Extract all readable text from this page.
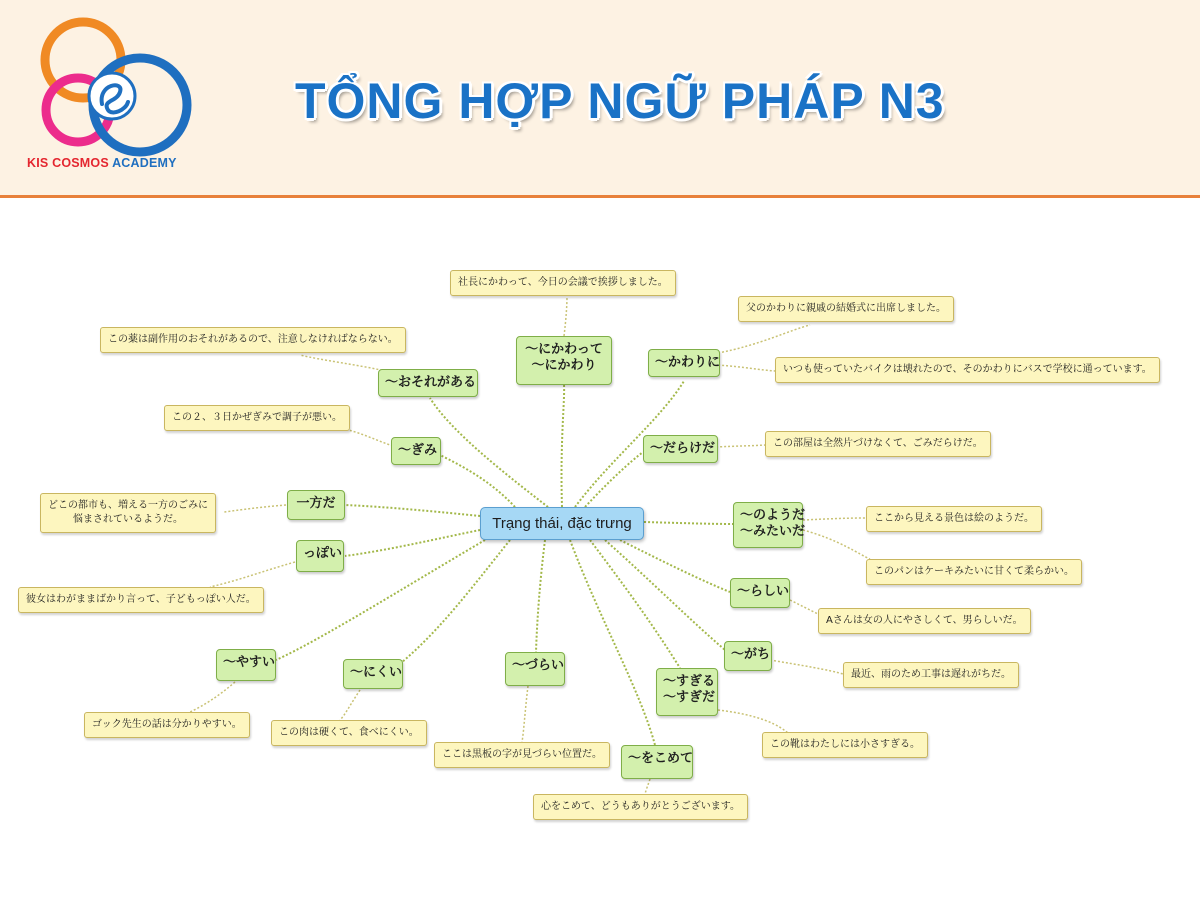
KIS COSMOS ACADEMY
TỔNG HỢP NGỮ PHÁP N3
〜にかわって
〜にかわり	〜かわりに
〜おそれがある
〜ぎみ	〜だらけだ
一方だ
〜のようだ
〜みたいだ
っぽい
〜らしい
〜がち
〜やすい
〜にくい	〜づらい
〜すぎる
〜すぎだ
〜をこめて
Trạng thái, đặc trưng
社長にかわって、今日の会議で挨拶しました。
父のかわりに親戚の結婚式に出席しました。
いつも使っていたバイクは壊れたので、そのかわりにバスで学校に通っています。
この薬は副作用のおそれがあるので、注意しなければならない。
この２、３日かぜぎみで調子が悪い。
この部屋は全然片づけなくて、ごみだらけだ。
どこの都市も、増える一方のごみに
悩まされているようだ。	ここから見える景色は絵のようだ。
このパンはケーキみたいに甘くて柔らかい。
彼女はわがままばかり言って、子どもっぽい人だ。
Aさんは女の人にやさしくて、男らしいだ。
最近、雨のため工事は遅れがちだ。
ゴック先生の話は分かりやすい。
この肉は硬くて、食べにくい。
ここは黒板の字が見づらい位置だ。
この靴はわたしには小さすぎる。
心をこめて、どうもありがとうございます。
